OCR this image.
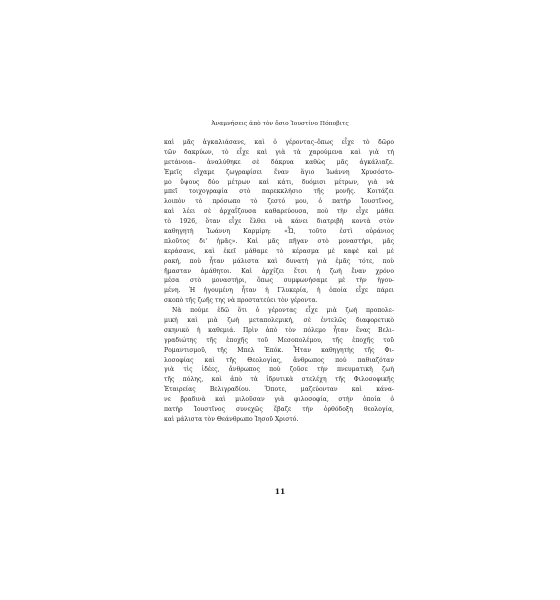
Ἀναμνήσεις ἀπὸ τὸν ὅσιο Ἰουστίνο Πόποβιτς
καὶ μᾶς ἀγκαλιάσανε, καὶ ὁ γέροντας–ὅπως εἶχε τὸ δῶρο
τῶν δακρύων, τὸ εἶχε καὶ γιὰ τὰ χαρούμενα καὶ γιὰ τή
μετάνοια– ἀναλύθηκε σὲ δάκρυα καθὼς μᾶς ἀγκάλιαζε.
Ἐμεῖς εἴχαμε ζωγραφίσει ἕναν ἅγιο Ἰωάννη Χρυσόστο-
μο ὕψους δύο μέτρων καὶ κάτι, δυόμισι μέτρων, γιὰ νὰ
μπεῖ τοιχογραφία στὸ παρεκκλήσιο τῆς μονῆς. Κοιτάζει
λοιπὸν τὸ πρόσωπο τὸ ζεστό μου, ὁ πατὴρ Ἰουστῖνος,
καὶ λέει σὲ ἀρχαΐζουσα καθαρεύουσα, ποὺ τὴν εἶχε μάθει
τὸ 1926, ὅταν εἶχε ἔλθει νὰ κάνει διατριβὴ κοντὰ στὸν
καθηγητὴ Ἰωάννη Καρμίρη: «Ὦ, τοῦτο ἐστὶ οὐράνιος
πλοῦτος δι' ἡμᾶς». Καὶ μᾶς πῆγαν στὸ μοναστήρι, μᾶς
κεράσανε, καὶ ἐκεῖ μάθαμε τὸ κέρασμα μὲ καφὲ καὶ μὲ
ρακή, ποὺ ἦταν μάλιστα καὶ δυνατὴ γιὰ ἐμᾶς τότε, ποὺ
ἤμασταν ἀμάθητοι. Καὶ ἀρχίζει ἔτσι ἡ ζωὴ ἕναν χρόνο
μέσα στὸ μοναστήρι, ὅπως συμφωνήσαμε μὲ τὴν ἡγου-
μένη. Ἡ ἡγουμένη ἦταν ἡ Γλυκερία, ἡ ὁποία εἶχε πάρει
σκοπὸ τῆς ζωῆς της νὰ προστατεύει τὸν γέροντα.
Νὰ πούμε ἐδῶ ὅτι ὁ γέροντας εἶχε μιὰ ζωὴ προπολε-
μική καὶ μιὰ ζωὴ μεταπολεμική, σὲ ἐντελῶς διαφορετικὸ
σκηνικὸ ἡ καθεμιά. Πρὶν ἀπὸ τὸν πόλεμο ἦταν ἕνας Βελι-
γραδιώτης τῆς ἐποχῆς τοῦ Μεσοπολέμου, τῆς ἐποχῆς τοῦ
Ρομαντισμοῦ, τῆς Μπελ Ἐπόκ. Ἦταν καθηγητὴς τῆς Φι-
λοσοφίας καὶ τῆς Θεολογίας, ἄνθρωπος ποὺ παθιαζόταν
γιὰ τὶς ἰδέες, ἄνθρωπος ποὺ ζοῦσε τὴν πνευματικὴ ζωὴ
τῆς πόλης, καὶ ἀπὸ τὰ ἱδρυτικὰ στελέχη τῆς Φιλοσοφικῆς
Ἑταιρείας Βελιγραδίου. Ὅποτε, μαζεύονταν καὶ κάνα-
νε βραδινὰ καὶ μιλοῦσαν γιὰ φιλοσοφία, στὴν ὁποία ὁ
πατὴρ Ἰουστῖνος συνεχῶς ἔβαζε τὴν ὀρθόδοξη θεολογία,
καὶ μάλιστα τὸν Θεάνθρωπο Ἰησοῦ Χριστό.
11
